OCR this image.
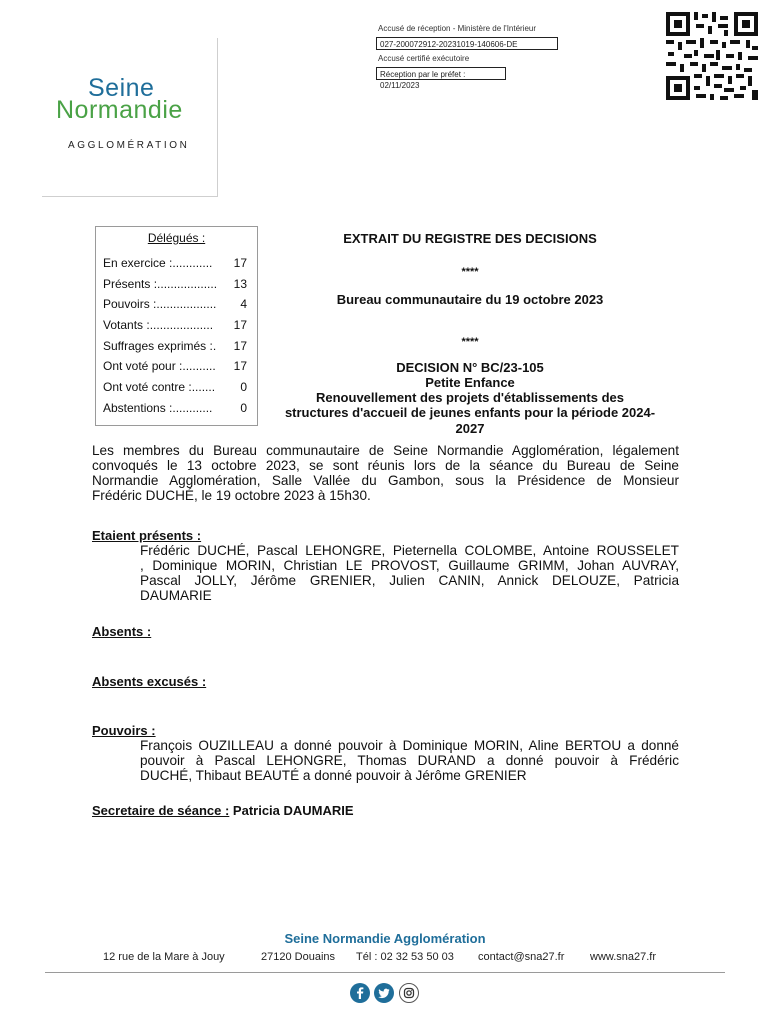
Seine
Normandie
AGGLOMÉRATION
Accusé de réception - Ministère de l'Intérieur
027-200072912-20231019-140606-DE
Accusé certifié exécutoire
Réception par le préfet : 02/11/2023
Délégués :
En exercice :............	17
Présents :..................	13
Pouvoirs :..................	4
Votants :...................	17
Suffrages exprimés :.	17
Ont voté pour :..........	17
Ont voté contre :.......	0
Abstentions :............	0
EXTRAIT DU REGISTRE DES DECISIONS
****
Bureau communautaire du 19 octobre 2023
****
DECISION N° BC/23-105
Petite Enfance
Renouvellement des projets d'établissements des
structures d'accueil de jeunes enfants pour la période 2024-
2027
Les membres du Bureau communautaire de Seine Normandie Agglomération, légalement
convoqués le 13 octobre 2023, se sont réunis lors de la séance du Bureau de Seine
Normandie Agglomération, Salle Vallée du Gambon, sous la Présidence de Monsieur
Frédéric DUCHÉ, le 19 octobre 2023 à 15h30.
Etaient présents :
Frédéric DUCHÉ, Pascal LEHONGRE, Pieternella COLOMBE, Antoine ROUSSELET
, Dominique MORIN, Christian LE PROVOST, Guillaume GRIMM, Johan AUVRAY,
Pascal JOLLY, Jérôme GRENIER, Julien CANIN, Annick DELOUZE, Patricia
DAUMARIE
Absents :
Absents excusés :
Pouvoirs :
François OUZILLEAU a donné pouvoir à Dominique MORIN, Aline BERTOU a donné
pouvoir à Pascal LEHONGRE, Thomas DURAND a donné pouvoir à Frédéric
DUCHÉ, Thibaut BEAUTÉ a donné pouvoir à Jérôme GRENIER
Secretaire de séance : Patricia DAUMARIE
Seine Normandie Agglomération
12 rue de la Mare à Jouy	27120 Douains Tél : 02 32 53 50 03 contact@sna27.fr www.sna27.fr
